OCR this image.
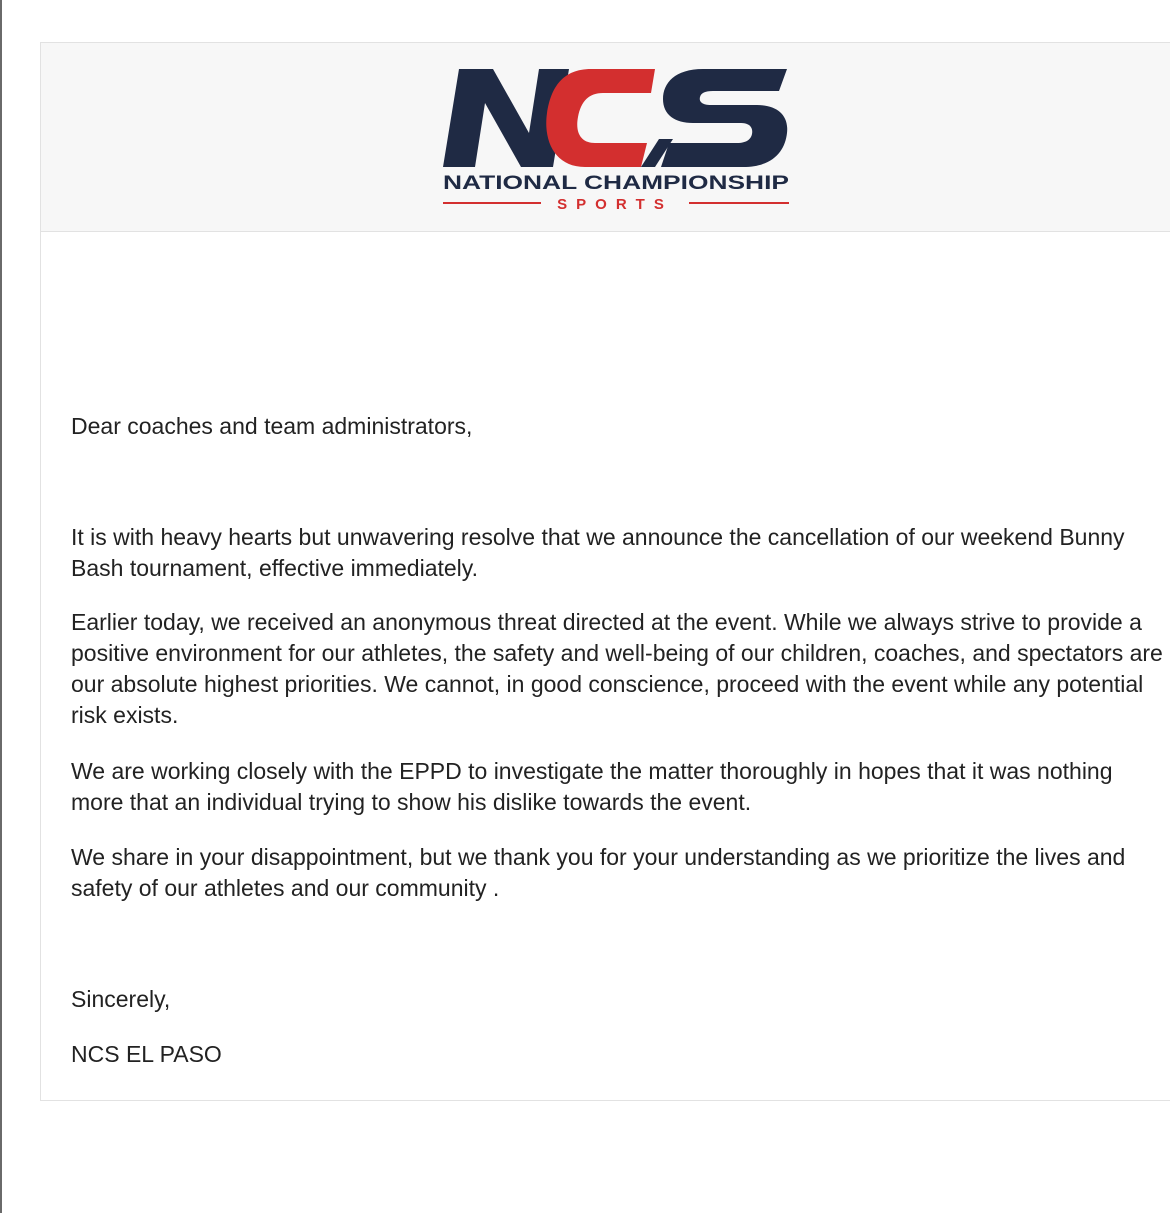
NATIONAL CHAMPIONSHIP
SPORTS

Dear coaches and team administrators,

It is with heavy hearts but unwavering resolve that we announce the cancellation of our weekend Bunny Bash tournament, effective immediately.

Earlier today, we received an anonymous threat directed at the event. While we always strive to provide a positive environment for our athletes, the safety and well-being of our children, coaches, and spectators are our absolute highest priorities. We cannot, in good conscience, proceed with the event while any potential risk exists.

We are working closely with the EPPD to investigate the matter thoroughly in hopes that it was nothing more that an individual trying to show his dislike towards the event.

We share in your disappointment, but we thank you for your understanding as we prioritize the lives and safety of our athletes and our community .

Sincerely,

NCS EL PASO
